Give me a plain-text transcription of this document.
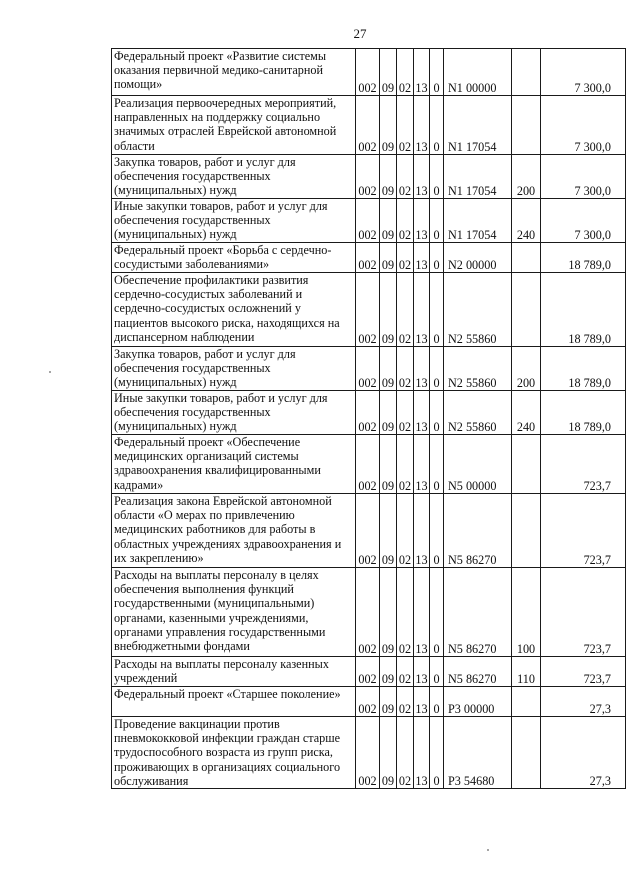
27
Федеральный проект «Развитие системы оказания первичной медико-санитарной помощи»	002	09	02	13	0	N1 00000		7 300,0
Реализация первоочередных мероприятий, направленных на поддержку социально значимых отраслей Еврейской автономной области	002	09	02	13	0	N1 17054		7 300,0
Закупка товаров, работ и услуг для обеспечения государственных (муниципальных) нужд	002	09	02	13	0	N1 17054	200	7 300,0
Иные закупки товаров, работ и услуг для обеспечения государственных (муниципальных) нужд	002	09	02	13	0	N1 17054	240	7 300,0
Федеральный проект «Борьба с сердечно-сосудистыми заболеваниями»	002	09	02	13	0	N2 00000		18 789,0
Обеспечение профилактики развития сердечно-сосудистых заболеваний и сердечно-сосудистых осложнений у пациентов высокого риска, находящихся на диспансерном наблюдении	002	09	02	13	0	N2 55860		18 789,0
Закупка товаров, работ и услуг для обеспечения государственных (муниципальных) нужд	002	09	02	13	0	N2 55860	200	18 789,0
Иные закупки товаров, работ и услуг для обеспечения государственных (муниципальных) нужд	002	09	02	13	0	N2 55860	240	18 789,0
Федеральный проект «Обеспечение медицинских организаций системы здравоохранения квалифицированными кадрами»	002	09	02	13	0	N5 00000		723,7
Реализация закона Еврейской автономной области «О мерах по привлечению медицинских работников для работы в областных учреждениях здравоохранения и их закреплению»	002	09	02	13	0	N5 86270		723,7
Расходы на выплаты персоналу в целях обеспечения выполнения функций государственными (муниципальными) органами, казенными учреждениями, органами управления государственными внебюджетными фондами	002	09	02	13	0	N5 86270	100	723,7
Расходы на выплаты персоналу казенных учреждений	002	09	02	13	0	N5 86270	110	723,7
Федеральный проект «Старшее поколение»	002	09	02	13	0	P3 00000		27,3
Проведение вакцинации против пневмококковой инфекции граждан старше трудоспособного возраста из групп риска, проживающих в организациях социального обслуживания	002	09	02	13	0	P3 54680		27,3
